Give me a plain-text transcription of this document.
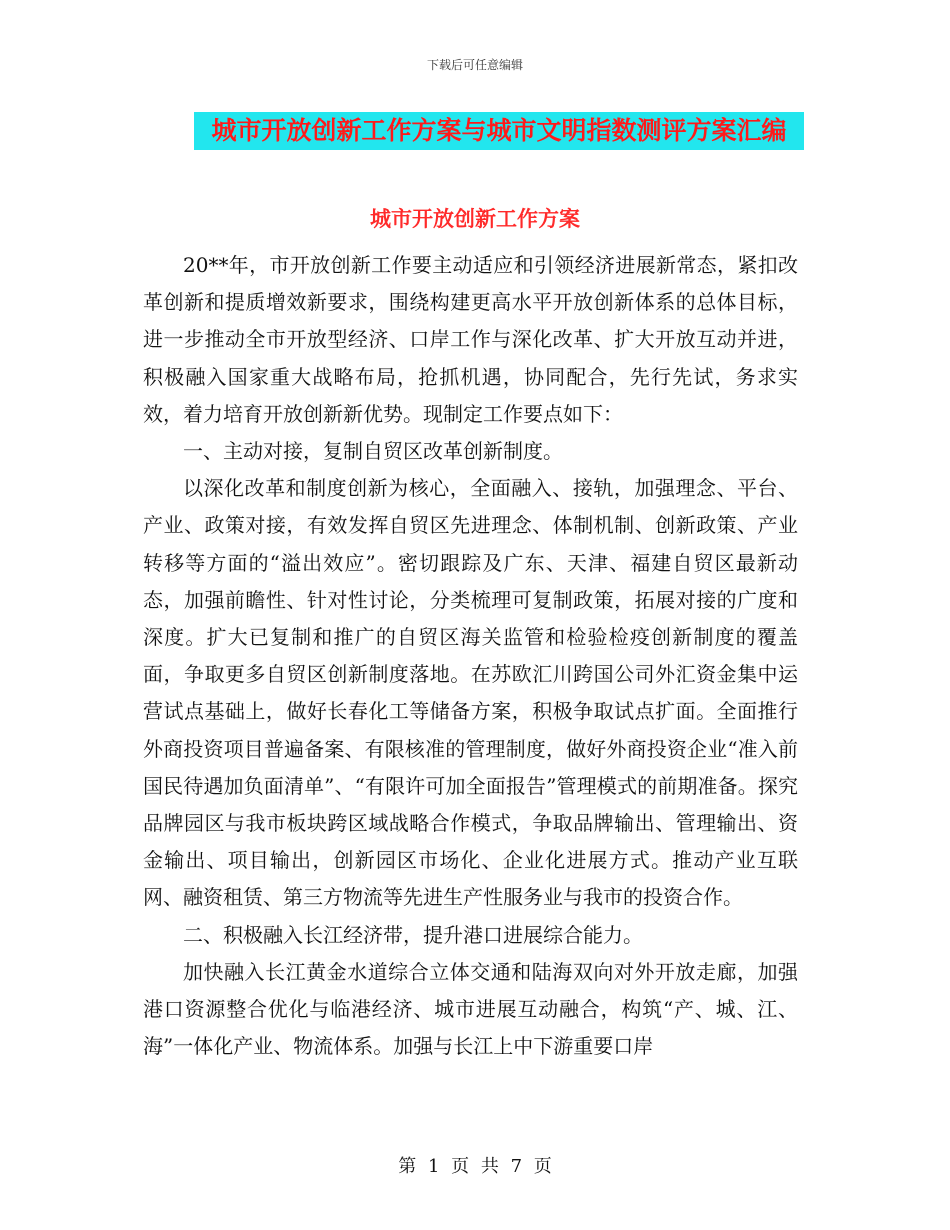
下载后可任意编辑
城市开放创新工作方案与城市文明指数测评方案汇编
城市开放创新工作方案

20**年，市开放创新工作要主动适应和引领经济进展新常态，紧扣改革创新和提质增效新要求，围绕构建更高水平开放创新体系的总体目标，进一步推动全市开放型经济、口岸工作与深化改革、扩大开放互动并进，积极融入国家重大战略布局，抢抓机遇，协同配合，先行先试，务求实效，着力培育开放创新新优势。现制定工作要点如下：

一、主动对接，复制自贸区改革创新制度。

以深化改革和制度创新为核心，全面融入、接轨，加强理念、平台、产业、政策对接，有效发挥自贸区先进理念、体制机制、创新政策、产业转移等方面的“溢出效应”。密切跟踪及广东、天津、福建自贸区最新动态，加强前瞻性、针对性讨论，分类梳理可复制政策，拓展对接的广度和深度。扩大已复制和推广的自贸区海关监管和检验检疫创新制度的覆盖面，争取更多自贸区创新制度落地。在苏欧汇川跨国公司外汇资金集中运营试点基础上，做好长春化工等储备方案，积极争取试点扩面。全面推行外商投资项目普遍备案、有限核准的管理制度，做好外商投资企业“准入前国民待遇加负面清单”、“有限许可加全面报告”管理模式的前期准备。探究品牌园区与我市板块跨区域战略合作模式，争取品牌输出、管理输出、资金输出、项目输出，创新园区市场化、企业化进展方式。推动产业互联网、融资租赁、第三方物流等先进生产性服务业与我市的投资合作。

二、积极融入长江经济带，提升港口进展综合能力。

加快融入长江黄金水道综合立体交通和陆海双向对外开放走廊，加强港口资源整合优化与临港经济、城市进展互动融合，构筑“产、城、江、海”一体化产业、物流体系。加强与长江上中下游重要口岸

第 1 页 共 7 页
